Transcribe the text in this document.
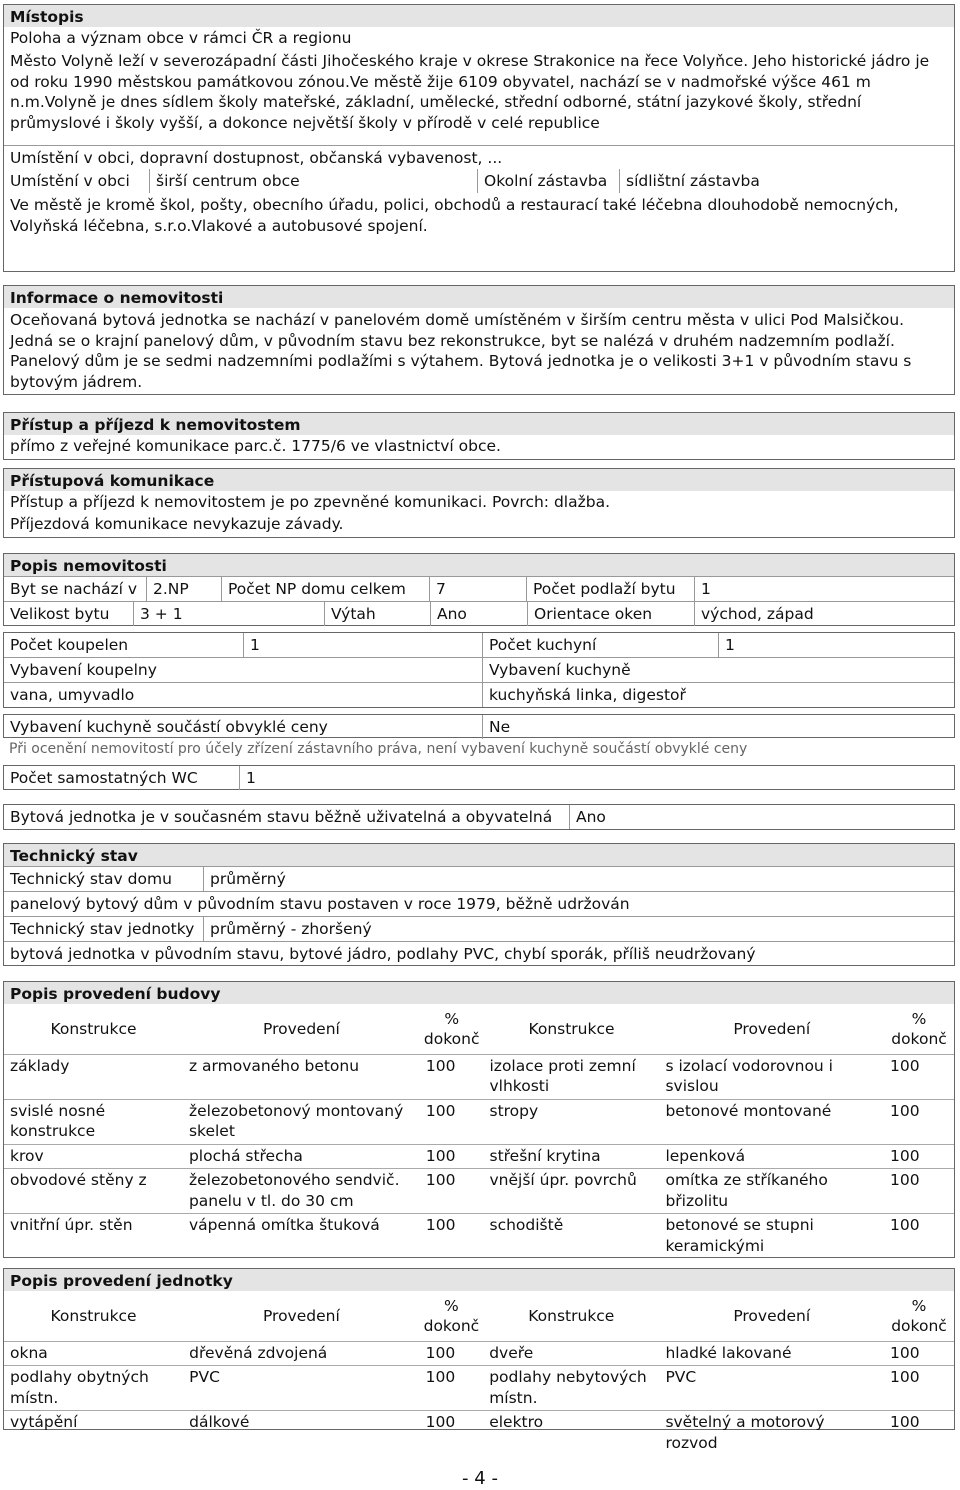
Místopis
Poloha a význam obce v rámci ČR a regionu
Město Volyně leží v severozápadní části Jihočeského kraje v okrese Strakonice na řece Volyňce. Jeho historické jádro je od roku 1990 městskou památkovou zónou.Ve městě žije 6109 obyvatel, nachází se v nadmořské výšce 461 m n.m.Volyně je dnes sídlem školy mateřské, základní, umělecké, střední odborné, státní jazykové školy, střední průmyslové i školy vyšší, a dokonce největší školy v přírodě v celé republice
Umístění v obci, dopravní dostupnost, občanská vybavenost, ...
Umístění v obci	širší centrum obce	Okolní zástavba	sídlištní zástavba
Ve městě je kromě škol, pošty, obecního úřadu, polici, obchodů a restaurací také léčebna dlouhodobě nemocných, Volyňská léčebna, s.r.o.Vlakové a autobusové spojení.
Informace o nemovitosti
Oceňovaná bytová jednotka se nachází v panelovém domě umístěném v širším centru města v ulici Pod Malsičkou. Jedná se o krajní panelový dům, v původním stavu bez rekonstrukce, byt se nalézá v druhém nadzemním podlaží. Panelový dům je se sedmi nadzemními podlažími s výtahem. Bytová jednotka je o velikosti 3+1 v původním stavu s bytovým jádrem.
Přístup a příjezd k nemovitostem
přímo z veřejné komunikace parc.č. 1775/6 ve vlastnictví obce.
Přístupová komunikace
Přístup a příjezd k nemovitostem je po zpevněné komunikaci. Povrch: dlažba.
Příjezdová komunikace nevykazuje závady.
Popis nemovitosti
Byt se nachází v	2.NP	Počet NP domu celkem	7	Počet podlaží bytu	1
Velikost bytu	3 + 1	Výtah	Ano	Orientace oken	východ, západ
Počet koupelen	1	Počet kuchyní	1
Vybavení koupelny	Vybavení kuchyně
vana, umyvadlo	kuchyňská linka, digestoř
Vybavení kuchyně součástí obvyklé ceny	Ne
Při ocenění nemovitostí pro účely zřízení zástavního práva, není vybavení kuchyně součástí obvyklé ceny
Počet samostatných WC	1
Bytová jednotka je v současném stavu běžně uživatelná a obyvatelná	Ano
Technický stav
Technický stav domu	průměrný
panelový bytový dům v původním stavu postaven v roce 1979, běžně udržován
Technický stav jednotky	průměrný - zhoršený
bytová jednotka v původním stavu, bytové jádro, podlahy PVC, chybí sporák, příliš neudržovaný
Popis provedení budovy
Konstrukce	Provedení	% dokonč	Konstrukce	Provedení	% dokonč
základy	z armovaného betonu	100	izolace proti zemní vlhkosti	s izolací vodorovnou i svislou	100
svislé nosné konstrukce	železobetonový montovaný skelet	100	stropy	betonové montované	100
krov	plochá střecha	100	střešní krytina	lepenková	100
obvodové stěny z	železobetonového sendvič. panelu v tl. do 30 cm	100	vnější úpr. povrchů	omítka ze stříkaného břizolitu	100
vnitřní úpr. stěn	vápenná omítka štuková	100	schodiště	betonové se stupni keramickými	100
Popis provedení jednotky
Konstrukce	Provedení	% dokonč	Konstrukce	Provedení	% dokonč
okna	dřevěná zdvojená	100	dveře	hladké lakované	100
podlahy obytných místn.	PVC	100	podlahy nebytových místn.	PVC	100
vytápění	dálkové	100	elektro	světelný a motorový rozvod	100
- 4 -
